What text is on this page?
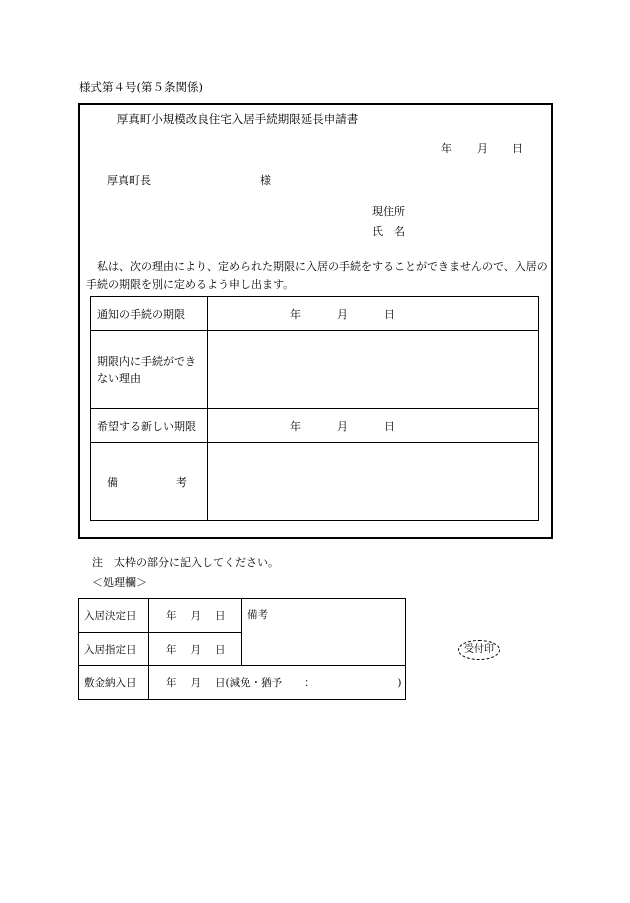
様式第４号(第５条関係)
厚真町小規模改良住宅入居手続期限延長申請書
年 月 日
厚真町長	様
現住所
氏　名
私は、次の理由により、定められた期限に入居の手続をすることができませんので、入居の手続の期限を別に定めるよう申し出ます。
通知の手続の期限	年 月 日

期限内に手続ができない理由	
希望する新しい期限	年 月 日

備 考	

注　太枠の部分に記入してください。
＜処理欄＞
入居決定日	年 月 日	備考
入居指定日	年 月 日	
敷金納入日	年 月 日(減免・猶予 ： )	
受付印
